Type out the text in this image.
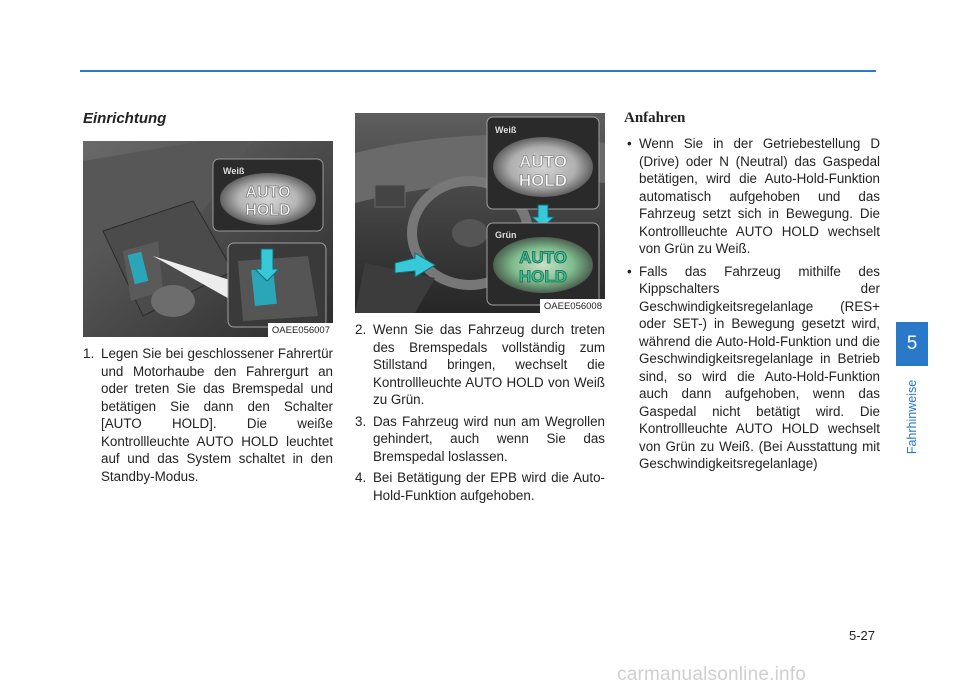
Einrichtung
Weiß
AUTO
HOLD
OAEE056007
1. Legen Sie bei geschlossener Fahrertür und Motorhaube den Fahrergurt an oder treten Sie das Bremspedal und betätigen Sie dann den Schalter [AUTO HOLD]. Die weiße Kontrollleuchte AUTO HOLD leuchtet auf und das System schaltet in den Standby-Modus.
Weiß
AUTO
HOLD
Grün
AUTO
HOLD
OAEE056008
2. Wenn Sie das Fahrzeug durch treten des Bremspedals vollständig zum Stillstand bringen, wechselt die Kontrollleuchte AUTO HOLD von Weiß zu Grün.
3. Das Fahrzeug wird nun am Wegrollen gehindert, auch wenn Sie das Bremspedal loslassen.
4. Bei Betätigung der EPB wird die Auto-Hold-Funktion aufgehoben.
Anfahren
• Wenn Sie in der Getriebestellung D (Drive) oder N (Neutral) das Gaspedal betätigen, wird die Auto-Hold-Funktion automatisch aufgehoben und das Fahrzeug setzt sich in Bewegung. Die Kontrollleuchte AUTO HOLD wechselt von Grün zu Weiß.
• Falls das Fahrzeug mithilfe des Kippschalters der Geschwindigkeitsregelanlage (RES+ oder SET-) in Bewegung gesetzt wird, während die Auto-Hold-Funktion und die Geschwindigkeitsregelanlage in Betrieb sind, so wird die Auto-Hold-Funktion auch dann aufgehoben, wenn das Gaspedal nicht betätigt wird. Die Kontrollleuchte AUTO HOLD wechselt von Grün zu Weiß. (Bei Ausstattung mit Geschwindigkeitsregelanlage)
5
Fahrhinweise
5-27
carmanualsonline.info
